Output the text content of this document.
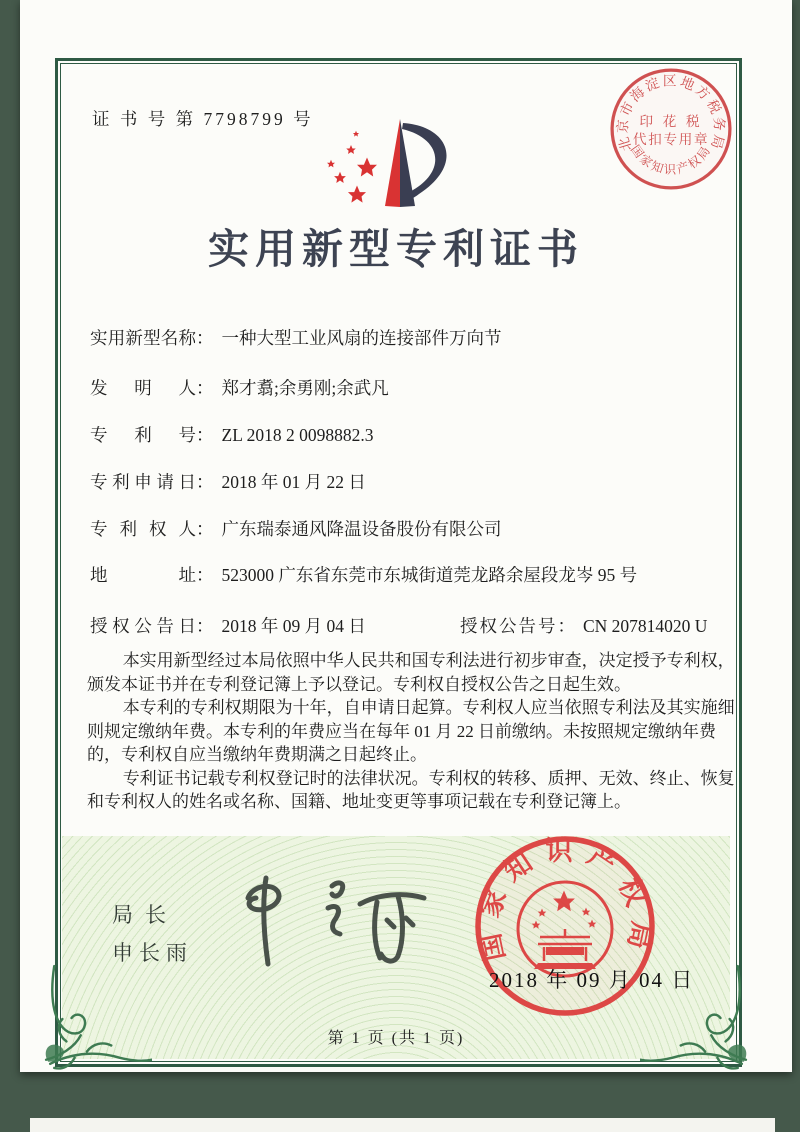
证 书 号 第 7798799 号
北京市海淀区地方税务局
国家知识产权局
印 花 税
代扣专用章
实用新型专利证书
实用新型名称： 一种大型工业风扇的连接部件万向节
发明人： 郑才翥;余勇刚;余武凡
专利号： ZL 2018 2 0098882.3
专利申请日： 2018 年 01 月 22 日
专利权人： 广东瑞泰通风降温设备股份有限公司
地址： 523000 广东省东莞市东城街道莞龙路余屋段龙岑 95 号
授权公告日： 2018 年 09 月 04 日	授权公告号： CN 207814020 U

本实用新型经过本局依照中华人民共和国专利法进行初步审查，决定授予专利权，颁发本证书并在专利登记簿上予以登记。专利权自授权公告之日起生效。

本专利的专利权期限为十年，自申请日起算。专利权人应当依照专利法及其实施细则规定缴纳年费。本专利的年费应当在每年 01 月 22 日前缴纳。未按照规定缴纳年费的，专利权自应当缴纳年费期满之日起终止。

专利证书记载专利权登记时的法律状况。专利权的转移、质押、无效、终止、恢复和专利权人的姓名或名称、国籍、地址变更等事项记载在专利登记簿上。

局长
申长雨	国家知识产权局
2018 年 09 月 04 日
第 1 页 (共 1 页)
